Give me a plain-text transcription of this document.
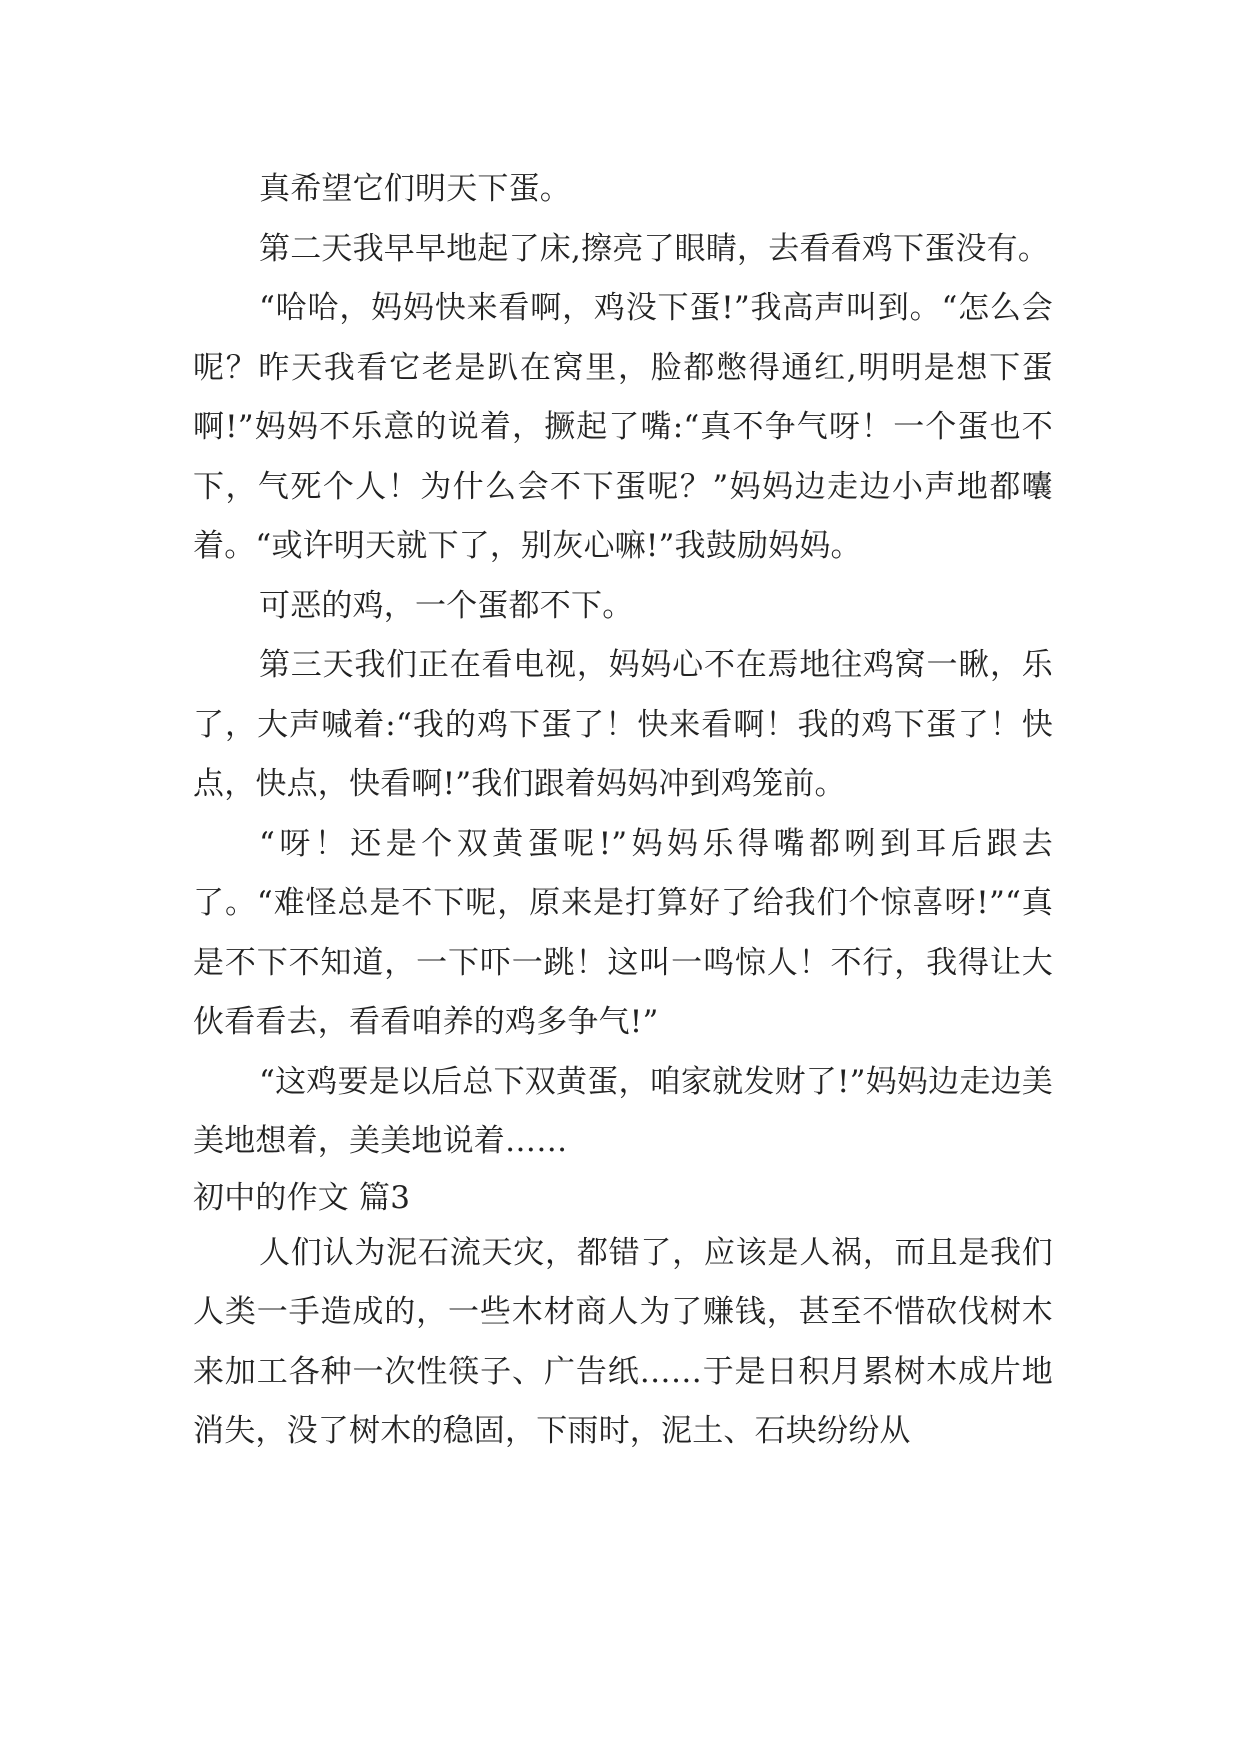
真希望它们明天下蛋。

第二天我早早地起了床,擦亮了眼睛，去看看鸡下蛋没有。

“哈哈，妈妈快来看啊，鸡没下蛋!”我高声叫到。“怎么会呢？昨天我看它老是趴在窝里，脸都憋得通红,明明是想下蛋啊!”妈妈不乐意的说着，撅起了嘴:“真不争气呀！一个蛋也不下，气死个人！为什么会不下蛋呢？”妈妈边走边小声地都囔着。“或许明天就下了，别灰心嘛!”我鼓励妈妈。

可恶的鸡，一个蛋都不下。

第三天我们正在看电视，妈妈心不在焉地往鸡窝一瞅，乐了，大声喊着:“我的鸡下蛋了！快来看啊！我的鸡下蛋了！快点，快点，快看啊!”我们跟着妈妈冲到鸡笼前。

“呀！还是个双黄蛋呢!”妈妈乐得嘴都咧到耳后跟去了。“难怪总是不下呢，原来是打算好了给我们个惊喜呀!”“真是不下不知道，一下吓一跳！这叫一鸣惊人！不行，我得让大伙看看去，看看咱养的鸡多争气!”

“这鸡要是以后总下双黄蛋，咱家就发财了!”妈妈边走边美美地想着，美美地说着……

初中的作文 篇3

人们认为泥石流天灾，都错了，应该是人祸，而且是我们人类一手造成的，一些木材商人为了赚钱，甚至不惜砍伐树木来加工各种一次性筷子、广告纸……于是日积月累树木成片地消失，没了树木的稳固，下雨时，泥土、石块纷纷从
